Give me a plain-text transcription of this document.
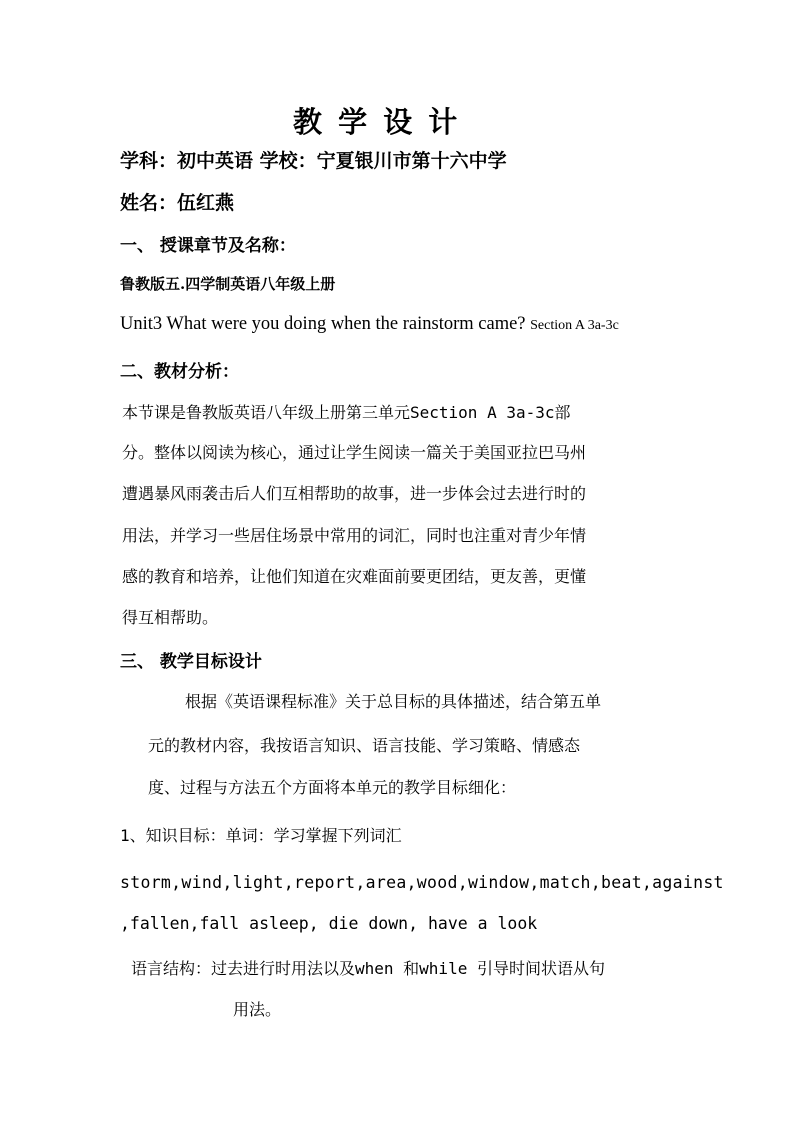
教 学 设 计
学科：初中英语 学校：宁夏银川市第十六中学
姓名：伍红燕
一、 授课章节及名称：
鲁教版五.四学制英语八年级上册
Unit3 What were you doing when the rainstorm came? Section A 3a-3c
二、教材分析：
本节课是鲁教版英语八年级上册第三单元Section A 3a-3c部
分。整体以阅读为核心，通过让学生阅读一篇关于美国亚拉巴马州
遭遇暴风雨袭击后人们互相帮助的故事，进一步体会过去进行时的
用法，并学习一些居住场景中常用的词汇，同时也注重对青少年情
感的教育和培养，让他们知道在灾难面前要更团结，更友善，更懂
得互相帮助。
三、 教学目标设计
根据《英语课程标准》关于总目标的具体描述，结合第五单
元的教材内容，我按语言知识、语言技能、学习策略、情感态
度、过程与方法五个方面将本单元的教学目标细化：
1、知识目标：单词：学习掌握下列词汇
storm,wind,light,report,area,wood,window,match,beat,against
,fallen,fall asleep, die down, have a look
语言结构：过去进行时用法以及when 和while 引导时间状语从句
用法。
